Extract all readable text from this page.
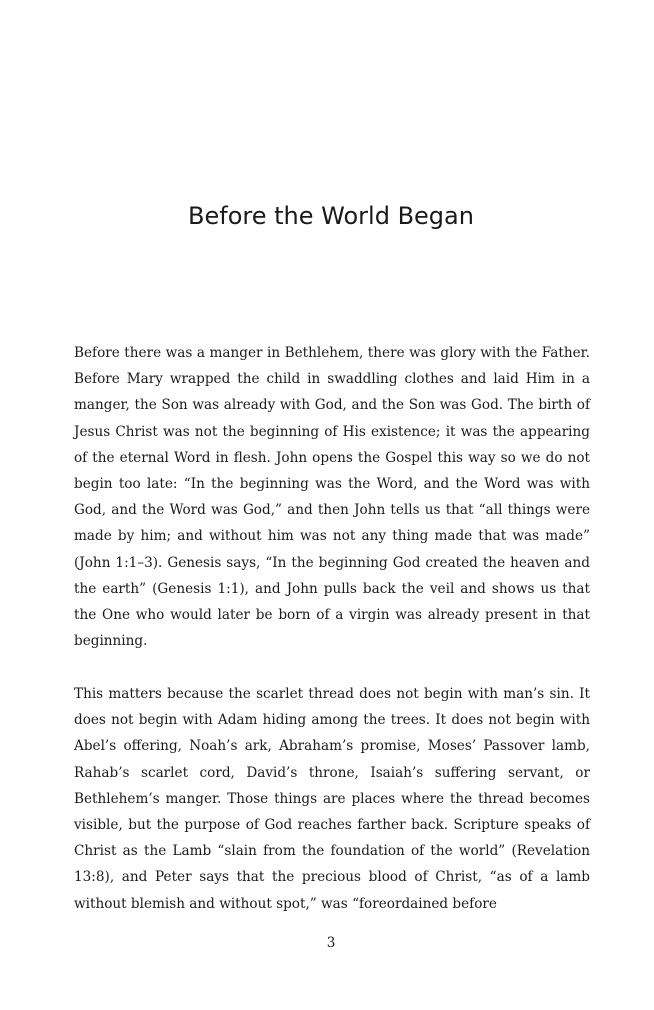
Before the World Began

Before there was a manger in Bethlehem, there was glory with the Father. Before Mary wrapped the child in swaddling clothes and laid Him in a manger, the Son was already with God, and the Son was God. The birth of Jesus Christ was not the beginning of His existence; it was the appearing of the eternal Word in flesh. John opens the Gospel this way so we do not begin too late: “In the beginning was the Word, and the Word was with God, and the Word was God,” and then John tells us that “all things were made by him; and without him was not any thing made that was made” (John 1:1–3). Genesis says, “In the beginning God created the heaven and the earth” (Genesis 1:1), and John pulls back the veil and shows us that the One who would later be born of a virgin was already present in that beginning.

This matters because the scarlet thread does not begin with man’s sin. It does not begin with Adam hiding among the trees. It does not begin with Abel’s offering, Noah’s ark, Abraham’s promise, Moses’ Passover lamb, Rahab’s scarlet cord, David’s throne, Isaiah’s suffering servant, or Bethlehem’s manger. Those things are places where the thread becomes visible, but the purpose of God reaches farther back. Scripture speaks of Christ as the Lamb “slain from the foundation of the world” (Revelation 13:8), and Peter says that the precious blood of Christ, “as of a lamb without blemish and without spot,” was “foreordained before

3
